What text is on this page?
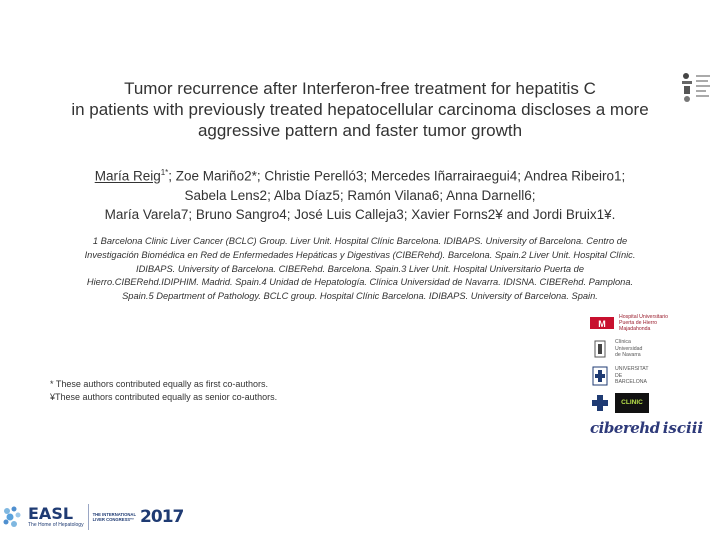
Tumor recurrence after Interferon-free treatment for hepatitis C
in patients with previously treated hepatocellular carcinoma discloses a more
aggressive pattern and faster tumor growth
María Reig$^{1*}$; Zoe Mariño2*; Christie Perelló3; Mercedes Iñarrairaegui4; Andrea Ribeiro1;
Sabela Lens2; Alba Díaz5; Ramón Vilana6; Anna Darnell6;
María Varela7; Bruno Sangro4; José Luis Calleja3; Xavier Forns2¥ and Jordi Bruix1¥.
1 Barcelona Clinic Liver Cancer (BCLC) Group. Liver Unit. Hospital Clínic Barcelona. IDIBAPS. University of Barcelona. Centro de
Investigación Biomédica en Red de Enfermedades Hepáticas y Digestivas (CIBERehd). Barcelona. Spain.2 Liver Unit. Hospital Clínic.
IDIBAPS. University of Barcelona. CIBERehd. Barcelona. Spain.3 Liver Unit. Hospital Universitario Puerta de
Hierro.CIBERehd.IDIPHIM. Madrid. Spain.4 Unidad de Hepatología. Clínica Universidad de Navarra. IDISNA. CIBERehd. Pamplona.
Spain.5 Department of Pathology. BCLC group. Hospital Clínic Barcelona. IDIBAPS. University of Barcelona. Spain.
* These authors contributed equally as first co-authors.
¥These authors contributed equally as senior co-authors.
M
Hospital Universitario
Puerta de Hierro
Majadahonda
Clínica
Universidad
de Navarra
UNIVERSITAT
DE
BARCELONA
CLINIC
ciberehd isciii
EASL
The Home of Hepatology
THE INTERNATIONAL
LIVER CONGRESS™ 2017
